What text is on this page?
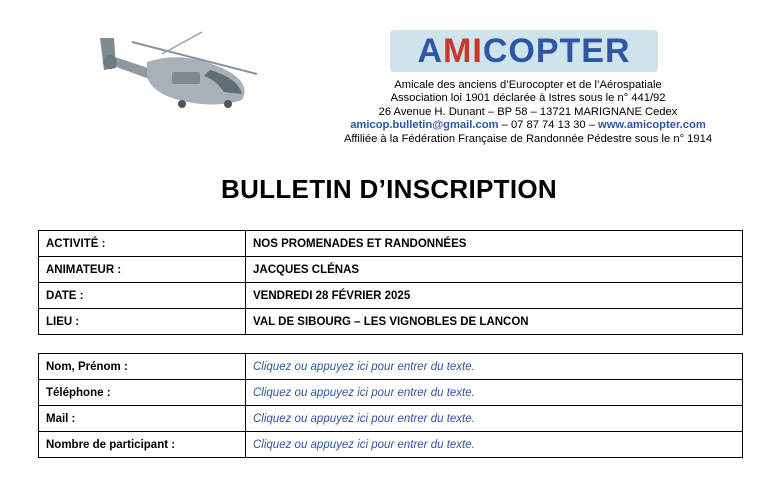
AMICOPTER
Amicale des anciens d’Eurocopter et de l’Aérospatiale
Association loi 1901 déclarée à Istres sous le n° 441/92
26 Avenue H. Dunant – BP 58 – 13721 MARIGNANE Cedex
amicop.bulletin@gmail.com – 07 87 74 13 30 – www.amicopter.com
Affiliée à la Fédération Française de Randonnée Pédestre sous le n° 1914
BULLETIN D’INSCRIPTION
ACTIVITÉ :	NOS PROMENADES ET RANDONNÉES
ANIMATEUR :	JACQUES CLÉNAS
DATE :	VENDREDI 28 FÉVRIER 2025
LIEU :	VAL DE SIBOURG – LES VIGNOBLES DE LANCON
Nom, Prénom :	Cliquez ou appuyez ici pour entrer du texte.
Téléphone :	Cliquez ou appuyez ici pour entrer du texte.
Mail :	Cliquez ou appuyez ici pour entrer du texte.
Nombre de participant :	Cliquez ou appuyez ici pour entrer du texte.
